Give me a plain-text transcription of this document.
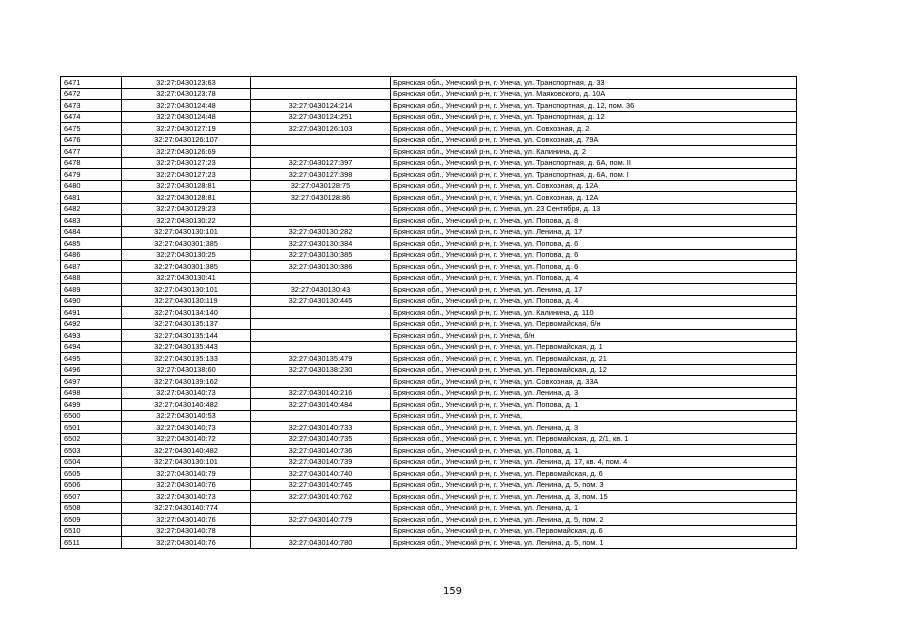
6471	32:27:0430123:63		Брянская обл., Унечский р-н, г. Унеча, ул. Транспортная, д. 33
6472	32:27:0430123:78		Брянская обл., Унечский р-н, г. Унеча, ул. Маяковского, д. 10А
6473	32:27:0430124:48	32:27:0430124:214	Брянская обл., Унечский р-н, г. Унеча, ул. Транспортная, д. 12, пом. 36
6474	32:27:0430124:48	32:27:0430124:251	Брянская обл., Унечский р-н, г. Унеча, ул. Транспортная, д. 12
6475	32:27:0430127:19	32:27:0430126:103	Брянская обл., Унечский р-н, г. Унеча, ул. Совхозная, д. 2
6476	32:27:0430126:107		Брянская обл., Унечский р-н, г. Унеча, ул. Совхозная, д. 79А
6477	32:27:0430126:69		Брянская обл., Унечский р-н, г. Унеча, ул. Калинина, д. 2
6478	32:27:0430127:23	32:27:0430127:397	Брянская обл., Унечский р-н, г. Унеча, ул. Транспортная, д. 6А, пом. II
6479	32:27:0430127:23	32:27:0430127:398	Брянская обл., Унечский р-н, г. Унеча, ул. Транспортная, д. 6А, пом. I
6480	32:27:0430128:81	32:27:0430128:75	Брянская обл., Унечский р-н, г. Унеча, ул. Совхозная, д. 12А
6481	32:27:0430128:81	32:27:0430128:86	Брянская обл., Унечский р-н, г. Унеча, ул. Совхозная, д. 12А
6482	32:27:0430129:23		Брянская обл., Унечский р-н, г. Унеча, ул. 23 Сентября, д. 13
6483	32:27:0430130:22		Брянская обл., Унечский р-н, г. Унеча, ул. Попова, д. 8
6484	32:27:0430130:101	32:27:0430130:282	Брянская обл., Унечский р-н, г. Унеча, ул. Ленина, д. 17
6485	32:27:0430301:385	32:27:0430130:384	Брянская обл., Унечский р-н, г. Унеча, ул. Попова, д. 6
6486	32:27:0430130:25	32:27:0430130:385	Брянская обл., Унечский р-н, г. Унеча, ул. Попова, д. 6
6487	32:27:0430301:385	32:27:0430130:386	Брянская обл., Унечский р-н, г. Унеча, ул. Попова, д. 6
6488	32:27:0430130:41		Брянская обл., Унечский р-н, г. Унеча, ул. Попова, д. 4
6489	32:27:0430130:101	32:27:0430130:43	Брянская обл., Унечский р-н, г. Унеча, ул. Ленина, д. 17
6490	32:27:0430130:119	32:27:0430130:445	Брянская обл., Унечский р-н, г. Унеча, ул. Попова, д. 4
6491	32:27:0430134:140		Брянская обл., Унечский р-н, г. Унеча, ул. Калинина, д. 110
6492	32:27:0430135:137		Брянская обл., Унечский р-н, г. Унеча, ул. Первомайская, б/н
6493	32:27:0430135:144		Брянская обл., Унечский р-н, г. Унеча, б/н
6494	32:27:0430135:443		Брянская обл., Унечский р-н, г. Унеча, ул. Первомайская, д. 1
6495	32:27:0430135:133	32:27:0430135:479	Брянская обл., Унечский р-н, г. Унеча, ул. Первомайская, д. 21
6496	32:27:0430138:60	32:27:0430138:230	Брянская обл., Унечский р-н, г. Унеча, ул. Первомайская, д. 12
6497	32:27:0430139:162		Брянская обл., Унечский р-н, г. Унеча, ул. Совхозная, д. 33А
6498	32:27:0430140:73	32:27:0430140:216	Брянская обл., Унечский р-н, г. Унеча, ул. Ленина, д. 3
6499	32:27:0430140:482	32:27:0430140:484	Брянская обл., Унечский р-н, г. Унеча, ул. Попова, д. 1
6500	32:27:0430140:53		Брянская обл., Унечский р-н, г. Унеча,
6501	32:27:0430140:73	32:27:0430140:733	Брянская обл., Унечский р-н, г. Унеча, ул. Ленина, д. 3
6502	32:27:0430140:72	32:27:0430140:735	Брянская обл., Унечский р-н, г. Унеча, ул. Первомайская, д. 2/1, кв. 1
6503	32:27:0430140:482	32:27:0430140:736	Брянская обл., Унечский р-н, г. Унеча, ул. Попова, д. 1
6504	32:27:0430130:101	32:27:0430140:739	Брянская обл., Унечский р-н, г. Унеча, ул. Ленина, д. 17, кв. 4, пом. 4
6505	32:27:0430140:79	32:27:0430140:740	Брянская обл., Унечский р-н, г. Унеча, ул. Первомайская, д. 6
6506	32:27:0430140:76	32:27:0430140:745	Брянская обл., Унечский р-н, г. Унеча, ул. Ленина, д. 5, пом. 3
6507	32:27:0430140:73	32:27:0430140:762	Брянская обл., Унечский р-н, г. Унеча, ул. Ленина, д. 3, пом. 15
6508	32:27:0430140:774		Брянская обл., Унечский р-н, г. Унеча, ул. Ленина, д. 1
6509	32:27:0430140:76	32:27:0430140:779	Брянская обл., Унечский р-н, г. Унеча, ул. Ленина, д. 5, пом. 2
6510	32:27:0430140:78		Брянская обл., Унечский р-н, г. Унеча, ул. Первомайская, д. 6
6511	32:27:0430140:76	32:27:0430140:780	Брянская обл., Унечский р-н, г. Унеча, ул. Ленина, д. 5, пом. 1
159
